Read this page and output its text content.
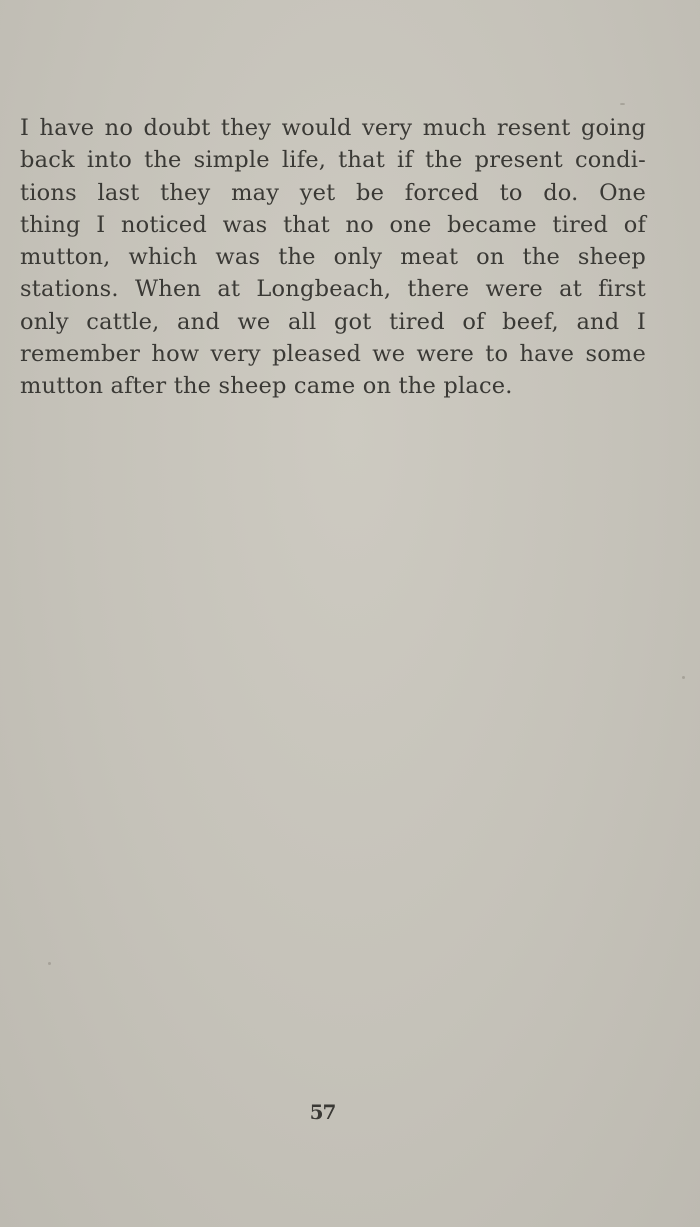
I have no doubt they would very much resent going
back into the simple life, that if the present condi-
tions last they may yet be forced to do. One
thing I noticed was that no one became tired of
mutton, which was the only meat on the sheep
stations. When at Longbeach, there were at first
only cattle, and we all got tired of beef, and I
remember how very pleased we were to have some
mutton after the sheep came on the place.
57
